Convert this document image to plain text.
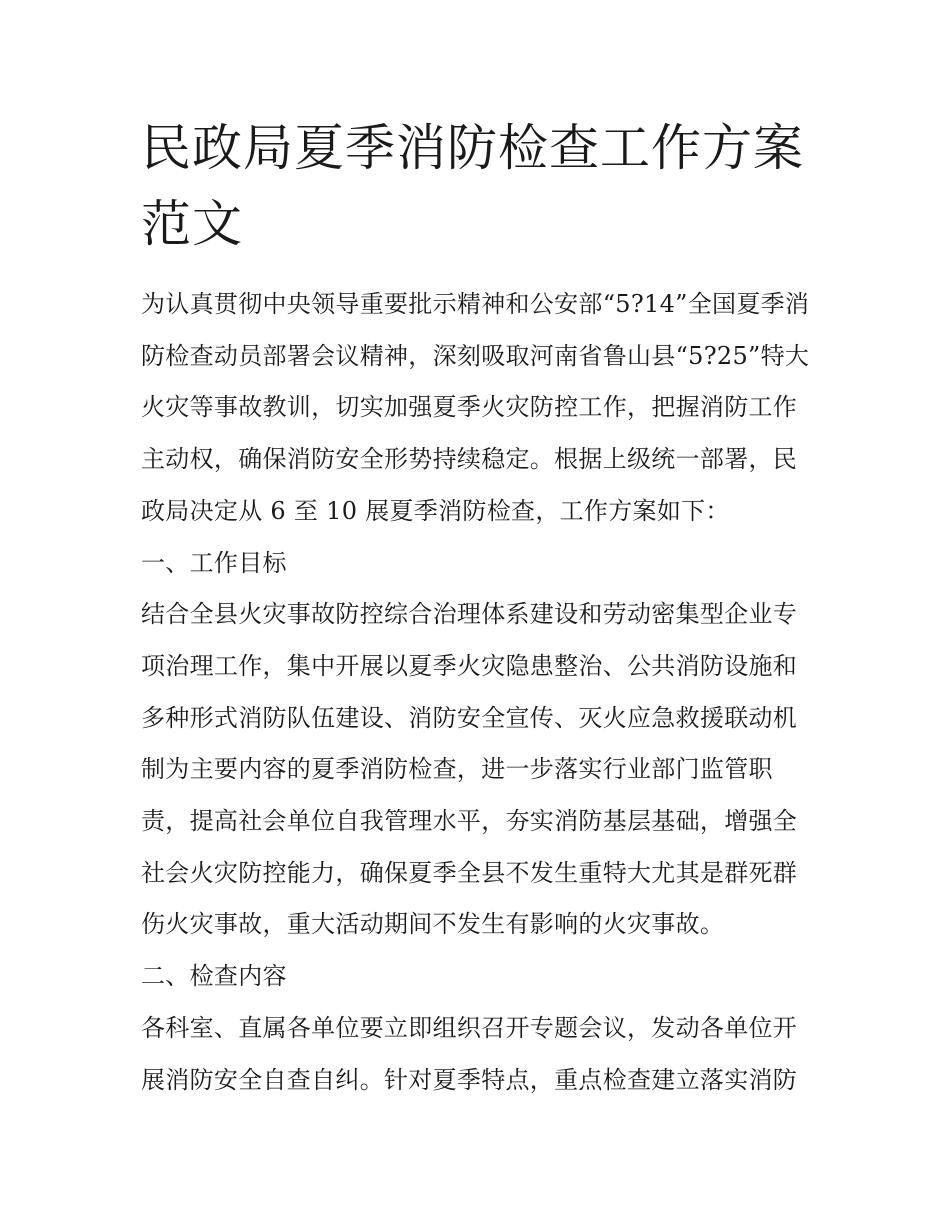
民政局夏季消防检查工作方案
范文
为认真贯彻中央领导重要批示精神和公安部“5?14”全国夏季消
防检查动员部署会议精神，深刻吸取河南省鲁山县“5?25”特大
火灾等事故教训，切实加强夏季火灾防控工作，把握消防工作
主动权，确保消防安全形势持续稳定。根据上级统一部署，民
政局决定从 6 至 10 展夏季消防检查，工作方案如下：
一、工作目标
结合全县火灾事故防控综合治理体系建设和劳动密集型企业专
项治理工作，集中开展以夏季火灾隐患整治、公共消防设施和
多种形式消防队伍建设、消防安全宣传、灭火应急救援联动机
制为主要内容的夏季消防检查，进一步落实行业部门监管职
责，提高社会单位自我管理水平，夯实消防基层基础，增强全
社会火灾防控能力，确保夏季全县不发生重特大尤其是群死群
伤火灾事故，重大活动期间不发生有影响的火灾事故。
二、检查内容
各科室、直属各单位要立即组织召开专题会议，发动各单位开
展消防安全自查自纠。针对夏季特点，重点检查建立落实消防
